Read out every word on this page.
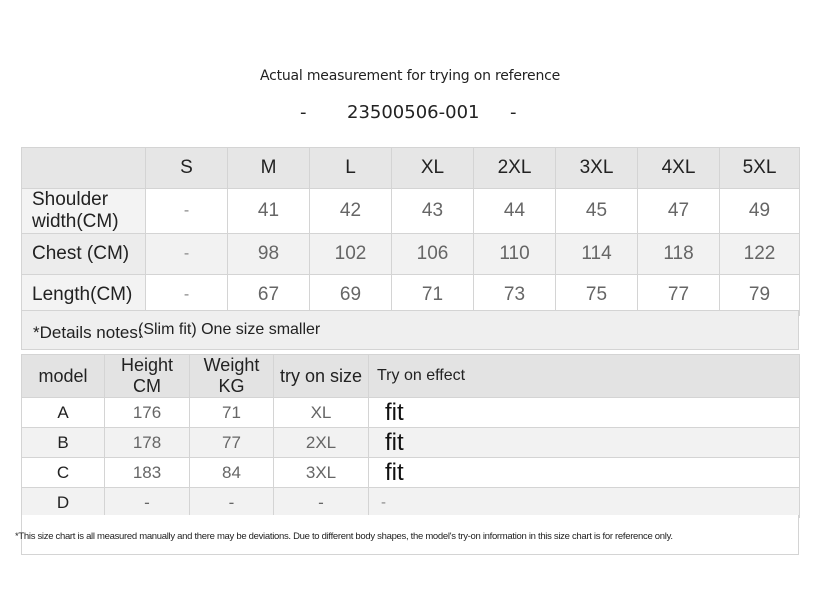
Actual measurement for trying on reference
- 23500506-001 -
	S	M	L	XL	2XL	3XL	4XL	5XL
Shoulder width(CM)	-	41	42	43	44	45	47	49
Chest (CM)	-	98	102	106	110	114	118	122
Length(CM)	-	67	69	71	73	75	77	79
*Details notes:
(Slim fit) One size smaller
model	Height CM	Weight KG	try on size	Try on effect
A	176	71	XL	fit
B	178	77	2XL	fit
C	183	84	3XL	fit
D	-	-	-	-
*This size chart is all measured manually and there may be deviations. Due to different body shapes, the model's try-on information in this size chart is for reference only.
